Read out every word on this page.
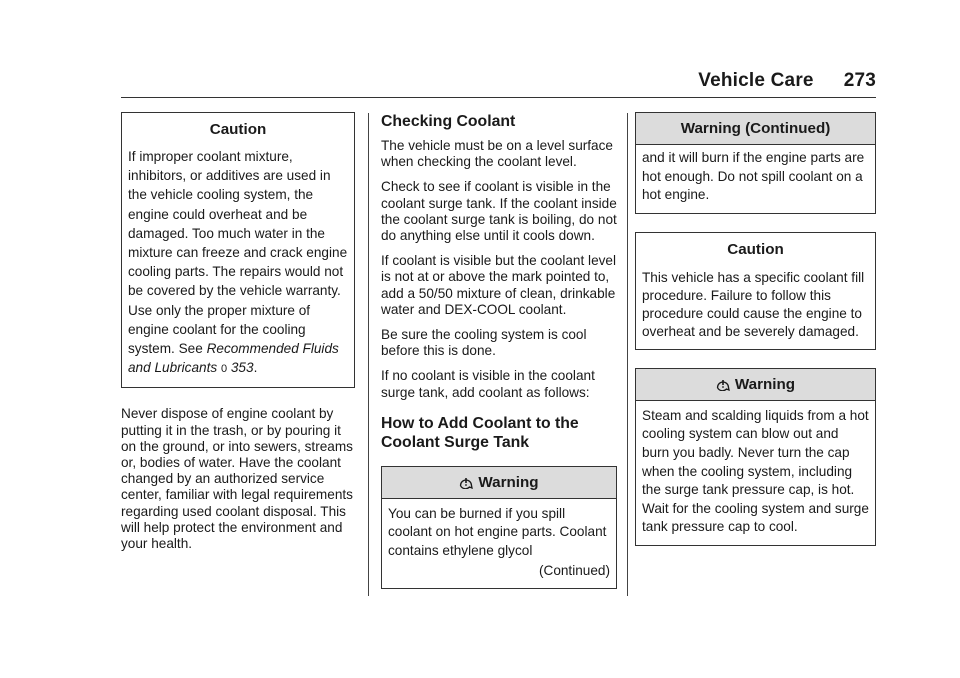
Vehicle Care 273
Caution
If improper coolant mixture, inhibitors, or additives are used in the vehicle cooling system, the engine could overheat and be damaged. Too much water in the mixture can freeze and crack engine cooling parts. The repairs would not be covered by the vehicle warranty. Use only the proper mixture of engine coolant for the cooling system. See Recommended Fluids and Lubricants 0 353.

Never dispose of engine coolant by putting it in the trash, or by pouring it on the ground, or into sewers, streams or, bodies of water. Have the coolant changed by an authorized service center, familiar with legal requirements regarding used coolant disposal. This will help protect the environment and your health.

Checking Coolant

The vehicle must be on a level surface when checking the coolant level.

Check to see if coolant is visible in the coolant surge tank. If the coolant inside the coolant surge tank is boiling, do not do anything else until it cools down.

If coolant is visible but the coolant level is not at or above the mark pointed to, add a 50/50 mixture of clean, drinkable water and DEX-COOL coolant.

Be sure the cooling system is cool before this is done.

If no coolant is visible in the coolant surge tank, add coolant as follows:

How to Add Coolant to the Coolant Surge Tank
Warning
You can be burned if you spill coolant on hot engine parts. Coolant contains ethylene glycol
(Continued)
Warning (Continued)
and it will burn if the engine parts are hot enough. Do not spill coolant on a hot engine.
Caution
This vehicle has a specific coolant fill procedure. Failure to follow this procedure could cause the engine to overheat and be severely damaged.
Warning
Steam and scalding liquids from a hot cooling system can blow out and burn you badly. Never turn the cap when the cooling system, including the surge tank pressure cap, is hot. Wait for the cooling system and surge tank pressure cap to cool.
